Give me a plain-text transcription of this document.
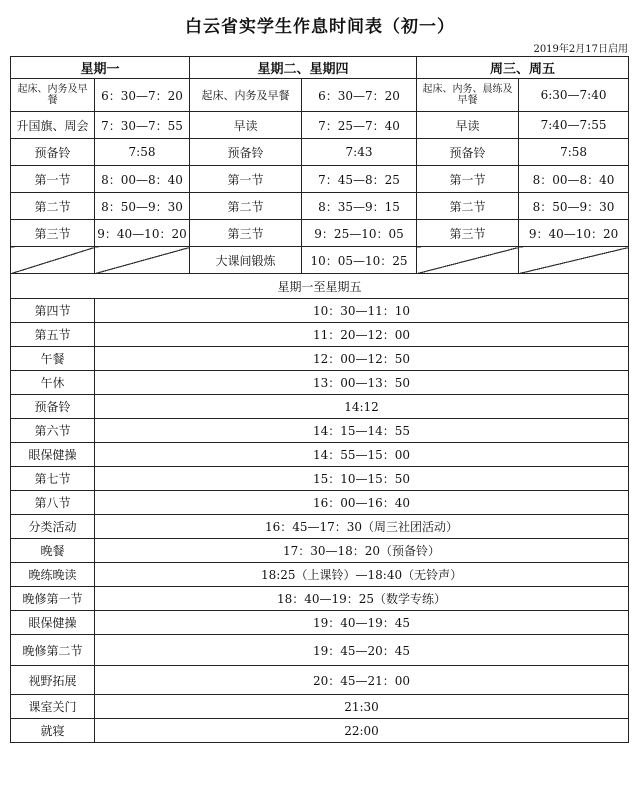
白云省实学生作息时间表（初一）
2019年2月17日启用
星期一		星期二、星期四		周三、周五	
起床、内务及早餐	6：30—7：20	起床、内务及早餐	6：30—7：20	起床、内务、晨练及早餐	6:30—7:40
升国旗、周会	7：30—7：55	早读	7：25—7：40	早读	7:40—7:55
预备铃	7:58	预备铃	7:43	预备铃	7:58
第一节	8：00—8：40	第一节	7：45—8：25	第一节	8：00—8：40
第二节	8：50—9：30	第二节	8：35—9：15	第二节	8：50—9：30
第三节	9：40—10：20	第三节	9：25—10：05	第三节	9：40—10：20
		大课间锻炼	10：05—10：25		
星期一至星期五					
第四节	10：30—11：10				
第五节	11：20—12：00				
午餐	12：00—12：50				
午休	13：00—13：50				
预备铃	14:12				
第六节	14：15—14：55				
眼保健操	14：55—15：00				
第七节	15：10—15：50				
第八节	16：00—16：40				
分类活动	16：45—17：30（周三社团活动）				
晚餐	17：30—18：20（预备铃）				
晚练晚读	18:25（上课铃）—18:40（无铃声）				
晚修第一节	18：40—19：25（数学专练）				
眼保健操	19：40—19：45				
晚修第二节	19：45—20：45				
视野拓展	20：45—21：00				
课室关门	21:30				
就寝	22:00				
